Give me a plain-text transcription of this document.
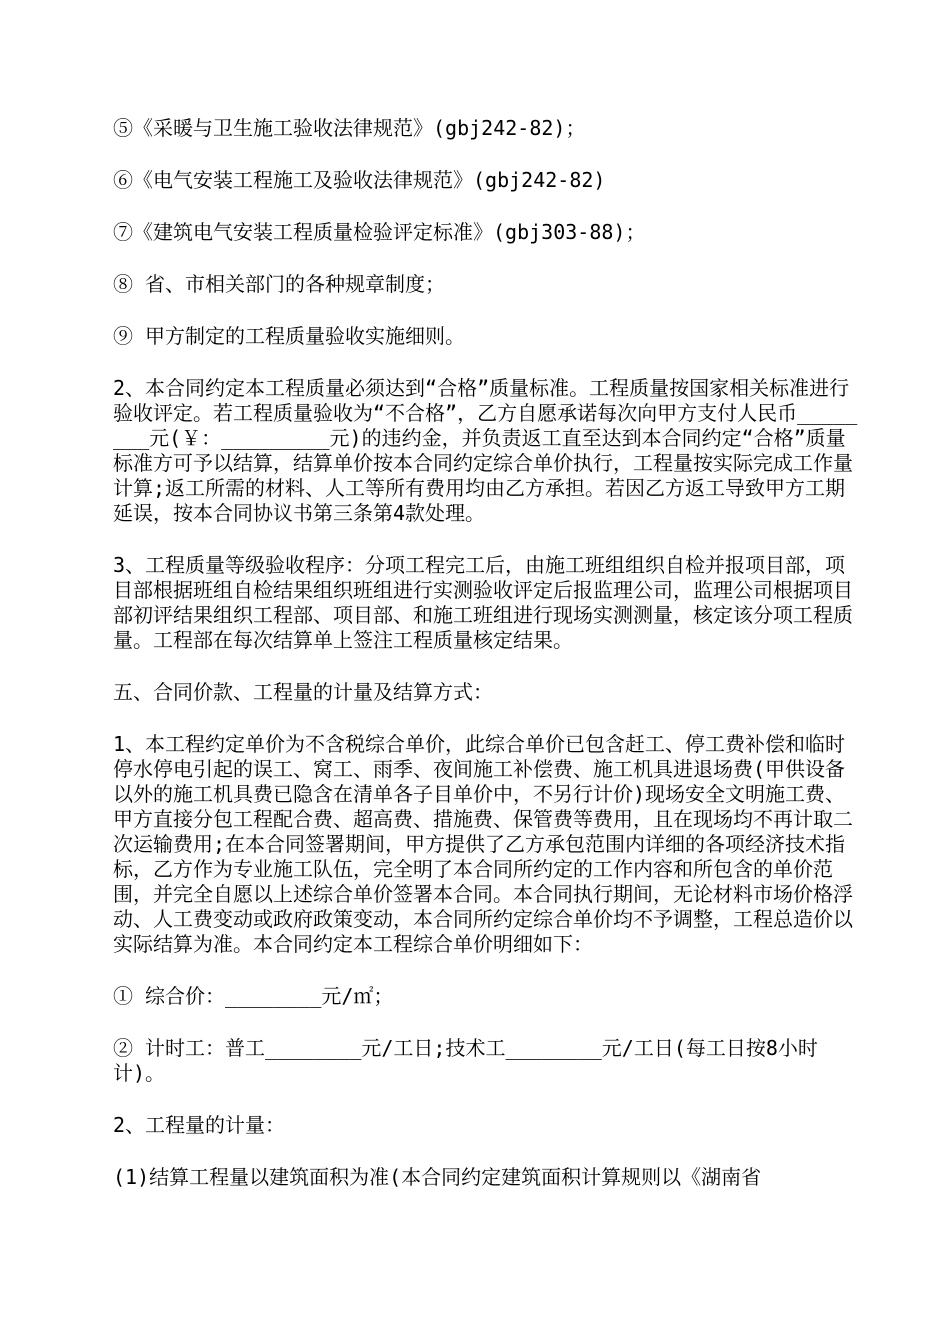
⑤《采暖与卫生施工验收法律规范》(gbj242-82)；

⑥《电气安装工程施工及验收法律规范》(gbj242-82)

⑦《建筑电气安装工程质量检验评定标准》(gbj303-88)；

⑧ 省、市相关部门的各种规章制度；

⑨ 甲方制定的工程质量验收实施细则。

2、本合同约定本工程质量必须达到“合格”质量标准。工程质量按国家相关标准进行验收评定。若工程质量验收为“不合格”，乙方自愿承诺每次向甲方支付人民币________元(￥：_________元)的违约金，并负责返工直至达到本合同约定“合格”质量标准方可予以结算，结算单价按本合同约定综合单价执行，工程量按实际完成工作量计算;返工所需的材料、人工等所有费用均由乙方承担。若因乙方返工导致甲方工期延误，按本合同协议书第三条第4款处理。

3、工程质量等级验收程序：分项工程完工后，由施工班组组织自检并报项目部，项目部根据班组自检结果组织班组进行实测验收评定后报监理公司，监理公司根据项目部初评结果组织工程部、项目部、和施工班组进行现场实测测量，核定该分项工程质量。工程部在每次结算单上签注工程质量核定结果。

五、合同价款、工程量的计量及结算方式：

1、本工程约定单价为不含税综合单价，此综合单价已包含赶工、停工费补偿和临时停水停电引起的误工、窝工、雨季、夜间施工补偿费、施工机具进退场费(甲供设备以外的施工机具费已隐含在清单各子目单价中，不另行计价)现场安全文明施工费、甲方直接分包工程配合费、超高费、措施费、保管费等费用，且在现场均不再计取二次运输费用;在本合同签署期间，甲方提供了乙方承包范围内详细的各项经济技术指标，乙方作为专业施工队伍，完全明了本合同所约定的工作内容和所包含的单价范围，并完全自愿以上述综合单价签署本合同。本合同执行期间，无论材料市场价格浮动、人工费变动或政府政策变动，本合同所约定综合单价均不予调整，工程总造价以实际结算为准。本合同约定本工程综合单价明细如下：

① 综合价：________元/㎡；

② 计时工：普工________元/工日;技术工________元/工日(每工日按8小时计)。

2、工程量的计量：

(1)结算工程量以建筑面积为准(本合同约定建筑面积计算规则以《湖南省
